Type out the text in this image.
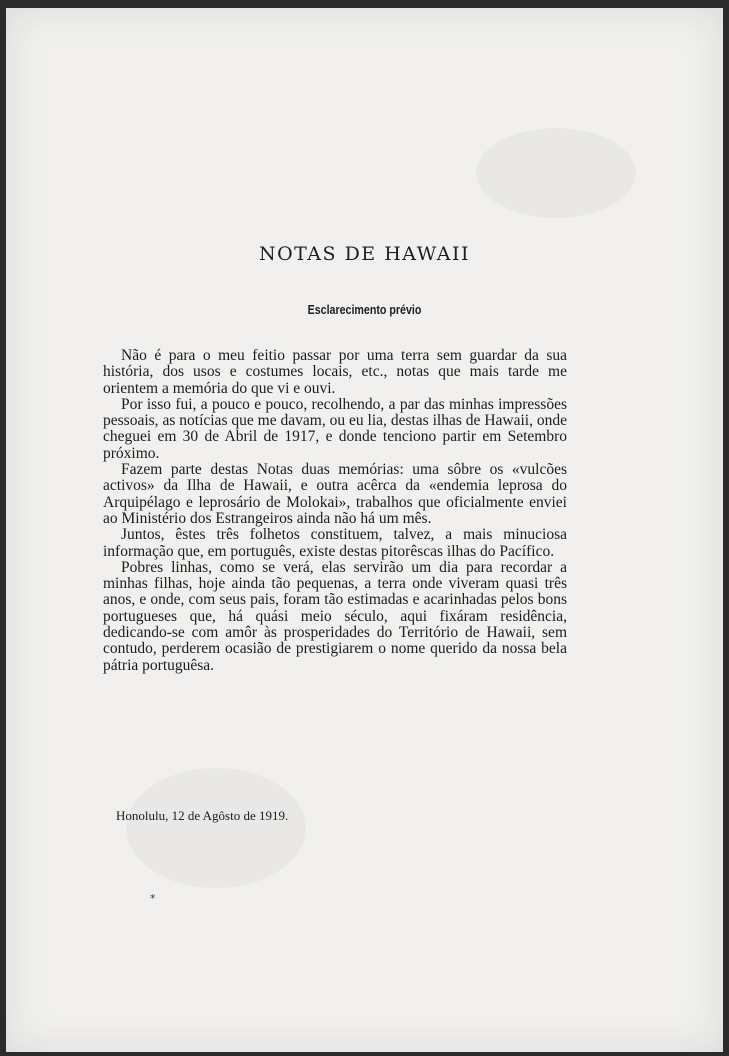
NOTAS DE HAWAII
Esclarecimento prévio

Não é para o meu feitio passar por uma terra sem guardar da sua história, dos usos e costumes locais, etc., notas que mais tarde me orientem a memória do que vi e ouvi.

Por isso fui, a pouco e pouco, recolhendo, a par das minhas impressões pessoais, as notícias que me davam, ou eu lia, destas ilhas de Hawaii, onde cheguei em 30 de Abril de 1917, e donde tenciono partir em Setembro próximo.

Fazem parte destas Notas duas memórias: uma sôbre os «vulcões activos» da Ilha de Hawaii, e outra acêrca da «endemia leprosa do Arquipélago e leprosário de Molokai», trabalhos que oficialmente enviei ao Ministério dos Estrangeiros ainda não há um mês.

Juntos, êstes três folhetos constituem, talvez, a mais minuciosa informação que, em português, existe destas pitorêscas ilhas do Pacífico.

Pobres linhas, como se verá, elas servirão um dia para recordar a minhas filhas, hoje ainda tão pequenas, a terra onde viveram quasi três anos, e onde, com seus pais, foram tão estimadas e acarinhadas pelos bons portugueses que, há quási meio século, aqui fixáram residência, dedicando-se com amôr às prosperidades do Território de Hawaii, sem contudo, perderem ocasião de prestigiarem o nome querido da nossa bela pátria portuguêsa.

Honolulu, 12 de Agôsto de 1919.
*
